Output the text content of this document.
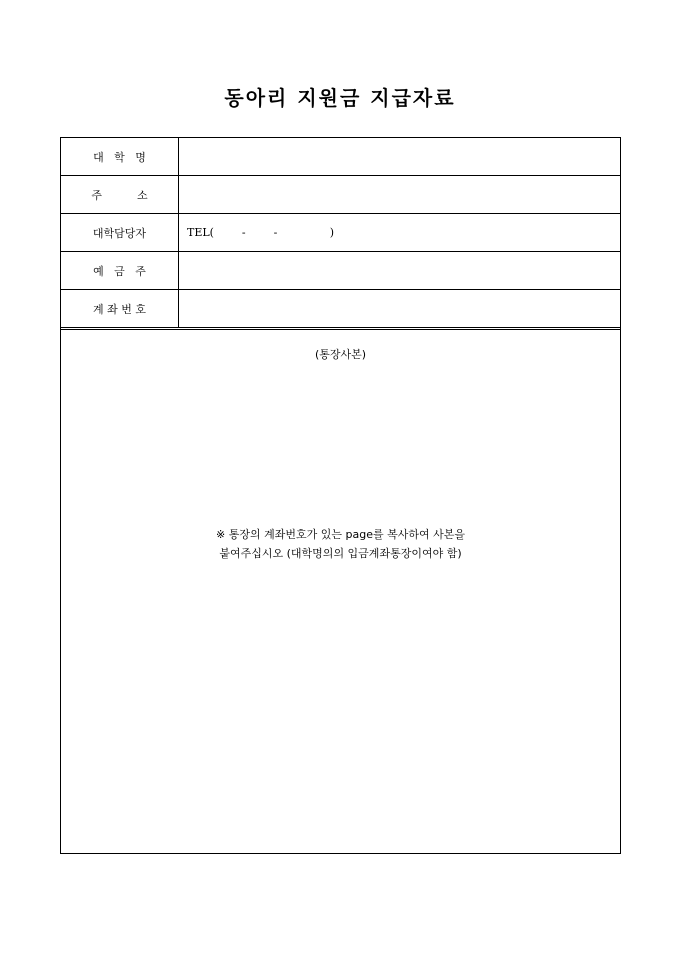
동아리 지원금 지급자료
대   학   명
주          소
대학담당자	TEL(        -        -               )
예   금   주
계 좌 번 호
(통장사본)
※ 통장의 계좌번호가 있는 page를 복사하여 사본을
붙여주십시오 (대학명의의 입금계좌통장이여야 함)
